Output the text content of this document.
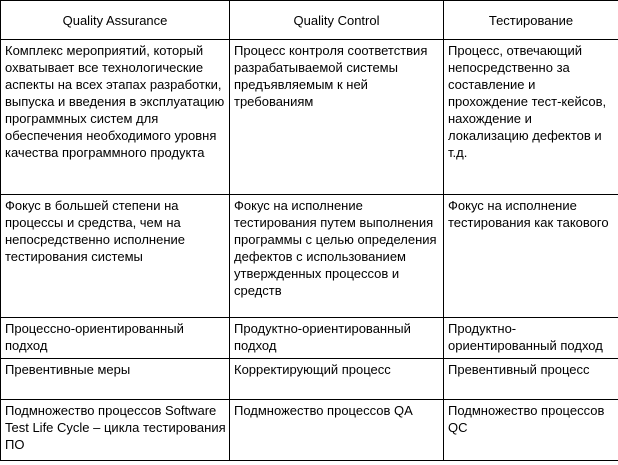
Quality Assurance	Quality Control	Тестирование
Комплекс мероприятий, который охватывает все технологические аспекты на всех этапах разработки, выпуска и введения в эксплуатацию программных систем для обеспечения необходимого уровня качества программного продукта	Процесс контроля соответствия разрабатываемой системы предъявляемым к ней требованиям	Процесс, отвечающий непосредственно за составление и прохождение тест-кейсов, нахождение и локализацию дефектов и т.д.
Фокус в большей степени на процессы и средства, чем на непосредственно исполнение тестирования системы	Фокус на исполнение тестирования путем выполнения программы с целью определения дефектов с использованием утвержденных процессов и средств	Фокус на исполнение тестирования как такового
Процессно-ориентированный подход	Продуктно-ориентированный подход	Продуктно-ориентированный подход
Превентивные меры	Корректирующий процесс	Превентивный процесс
Подмножество процессов Software Test Life Cycle – цикла тестирования ПО	Подмножество процессов QA	Подмножество процессов QC
